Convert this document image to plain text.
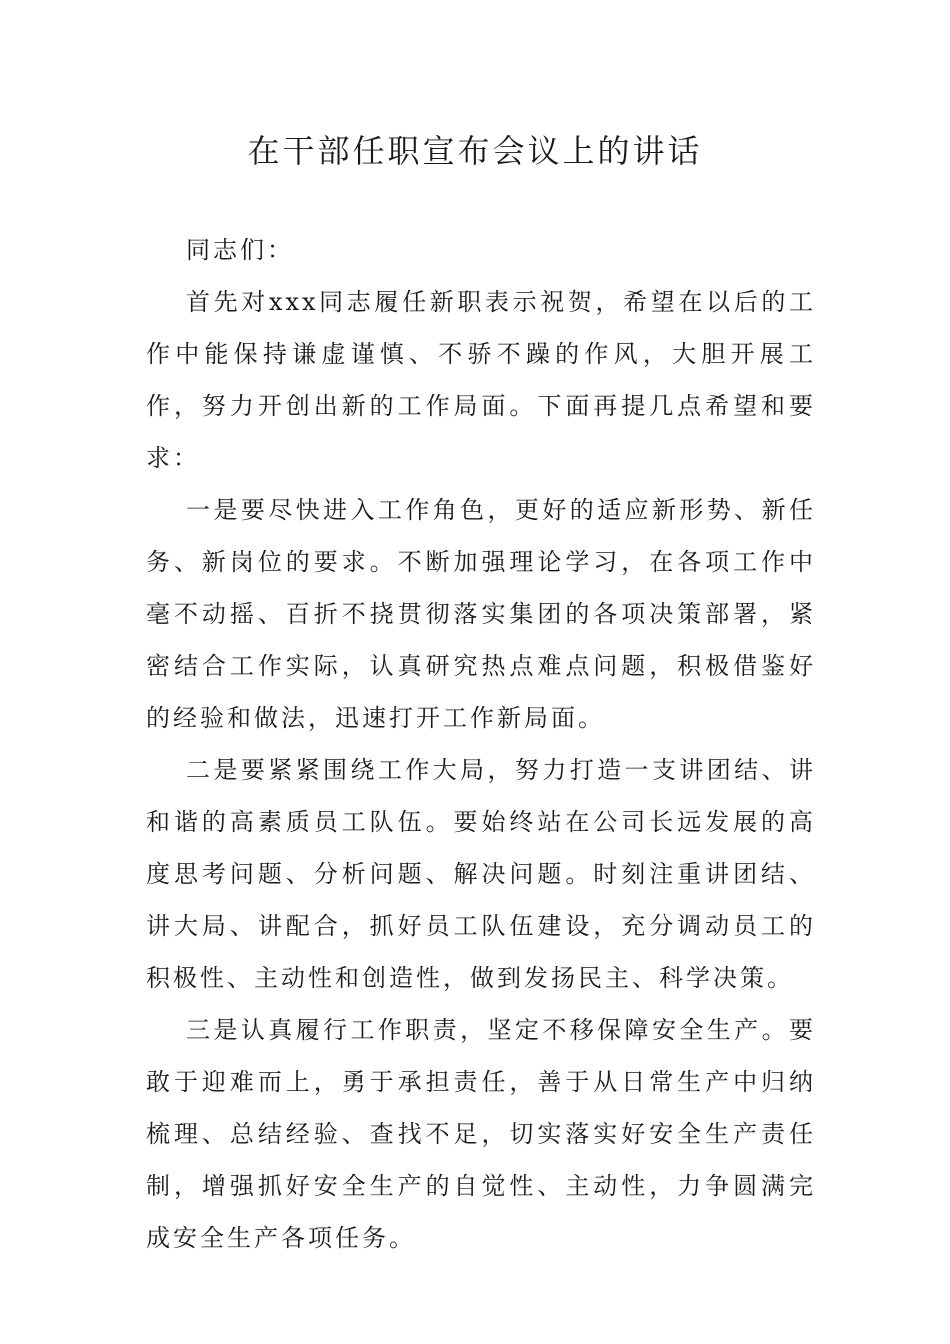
在干部任职宣布会议上的讲话

同志们：

首先对xxx同志履任新职表示祝贺，希望在以后的工作中能保持谦虚谨慎、不骄不躁的作风，大胆开展工作，努力开创出新的工作局面。下面再提几点希望和要求：

一是要尽快进入工作角色，更好的适应新形势、新任务、新岗位的要求。不断加强理论学习，在各项工作中毫不动摇、百折不挠贯彻落实集团的各项决策部署，紧密结合工作实际，认真研究热点难点问题，积极借鉴好的经验和做法，迅速打开工作新局面。

二是要紧紧围绕工作大局，努力打造一支讲团结、讲和谐的高素质员工队伍。要始终站在公司长远发展的高度思考问题、分析问题、解决问题。时刻注重讲团结、讲大局、讲配合，抓好员工队伍建设，充分调动员工的积极性、主动性和创造性，做到发扬民主、科学决策。

三是认真履行工作职责，坚定不移保障安全生产。要敢于迎难而上，勇于承担责任，善于从日常生产中归纳梳理、总结经验、查找不足，切实落实好安全生产责任制，增强抓好安全生产的自觉性、主动性，力争圆满完成安全生产各项任务。
